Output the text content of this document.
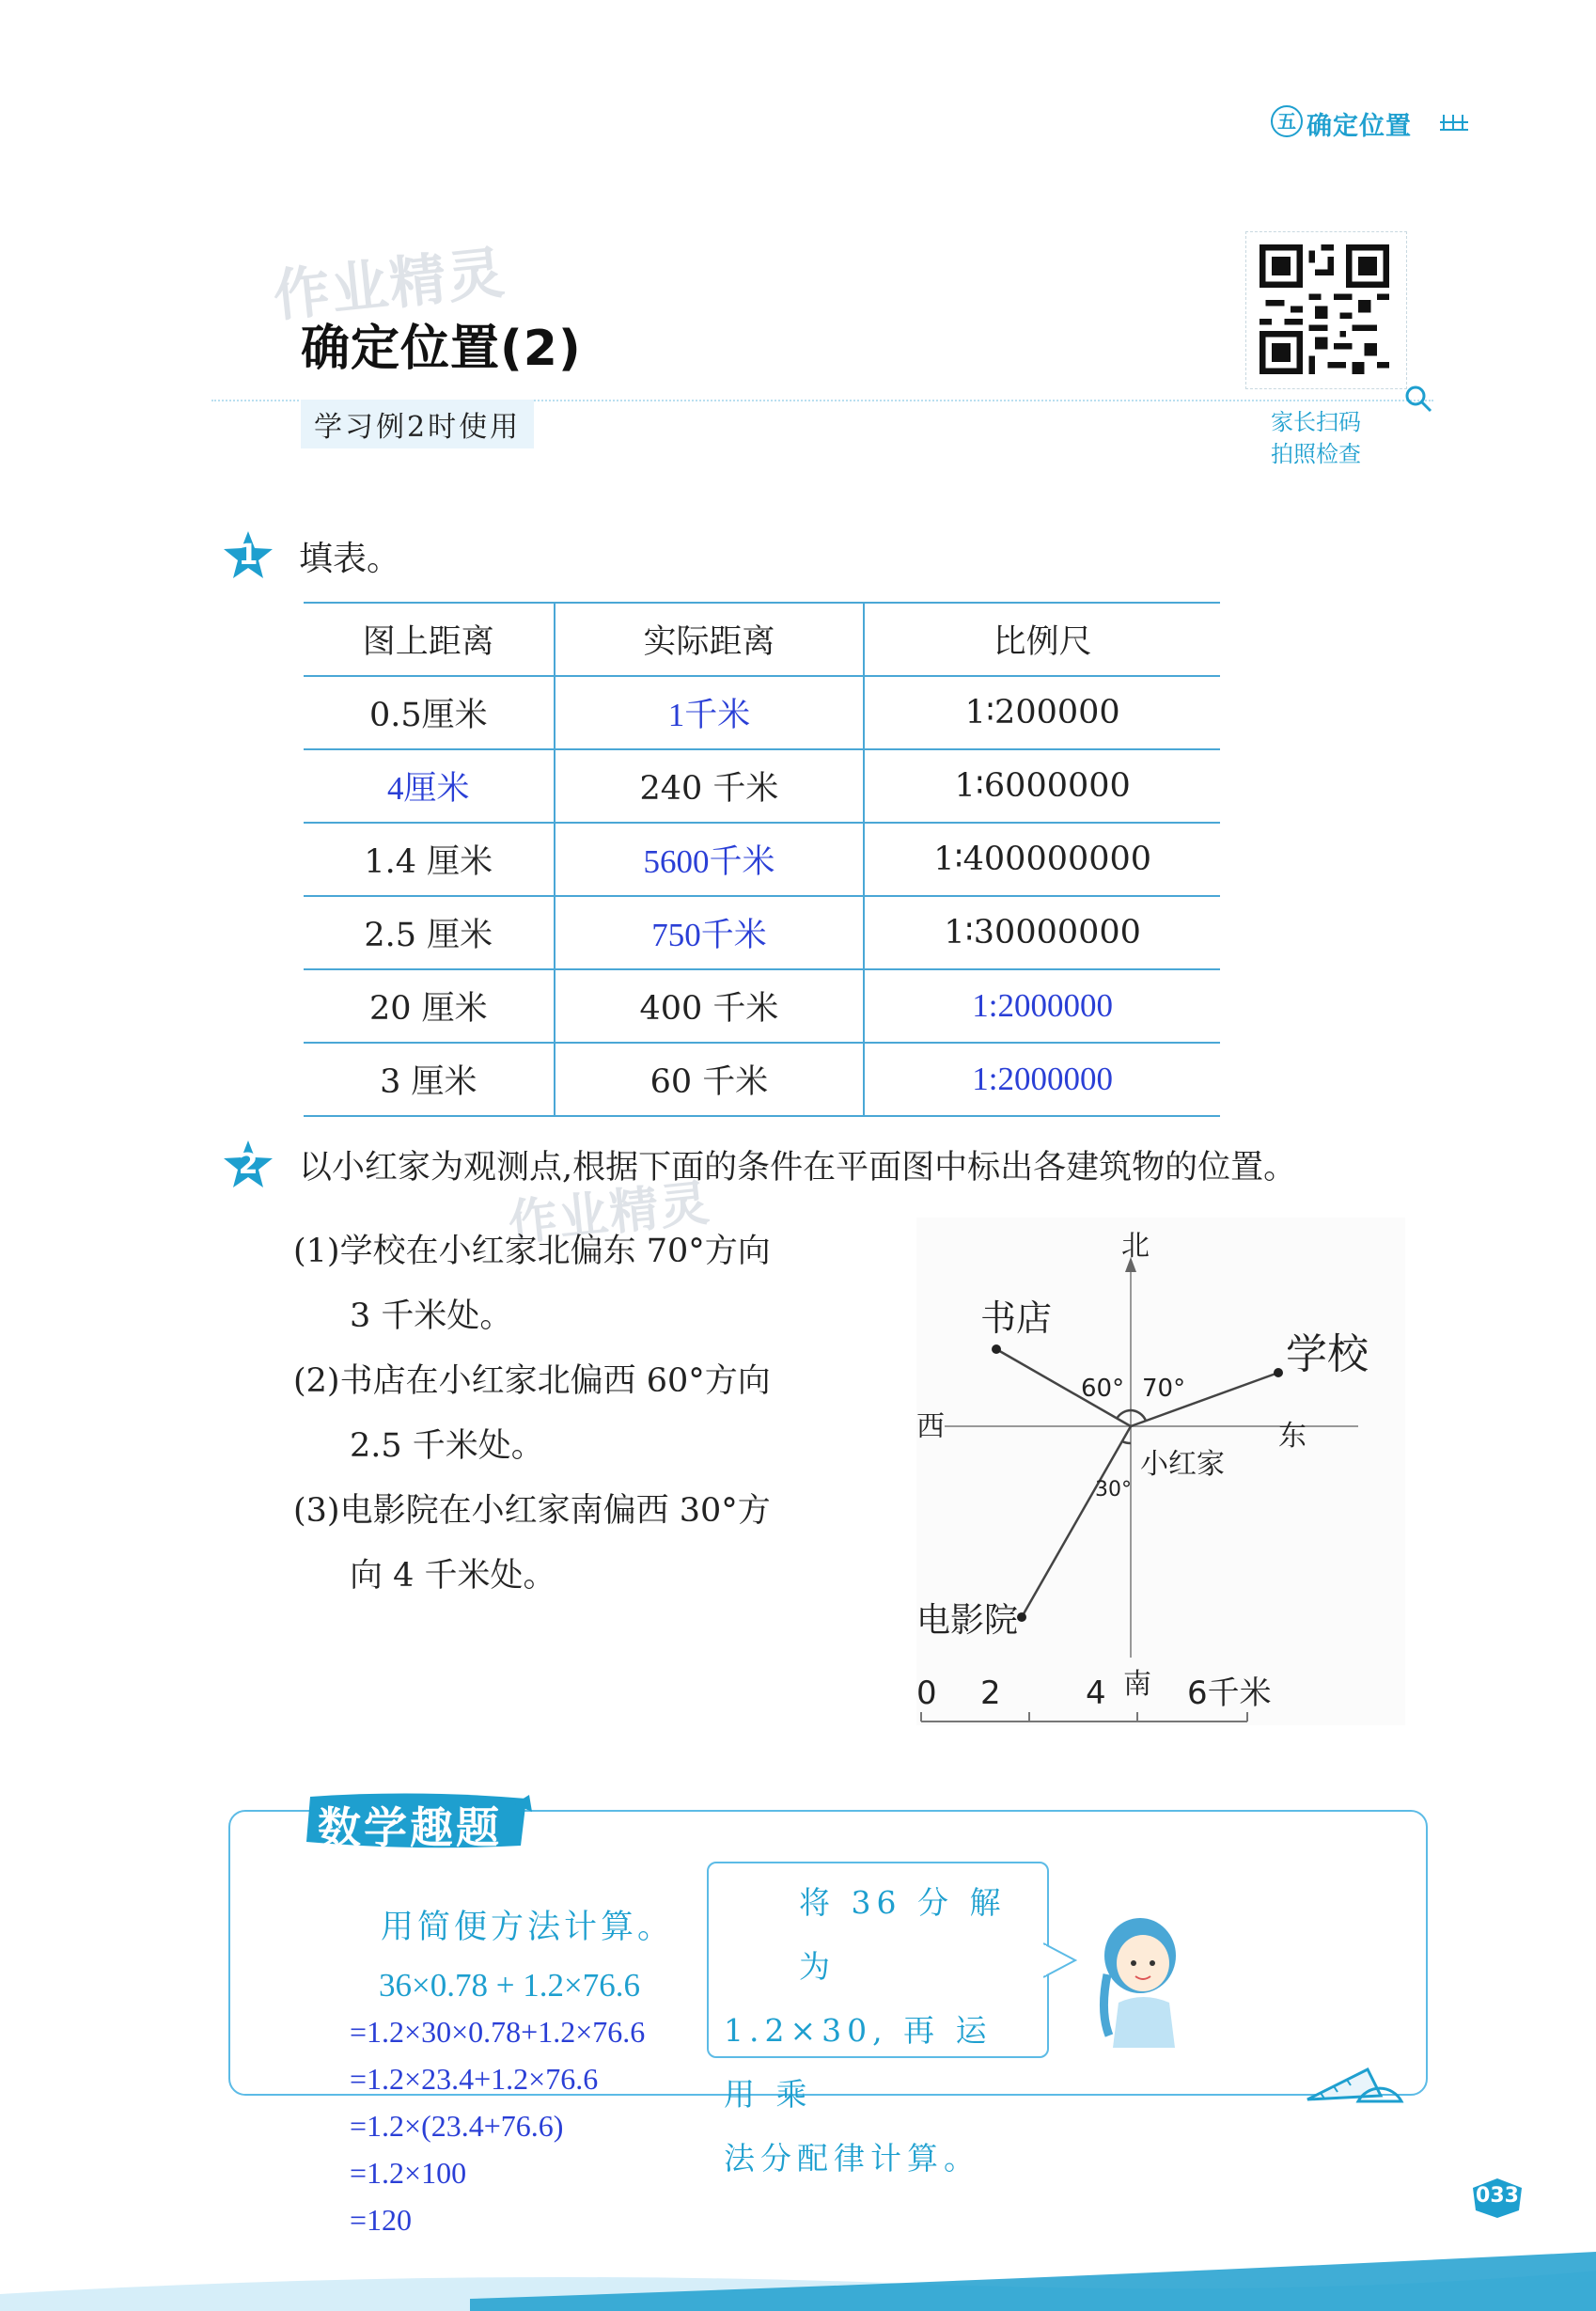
五 确定位置
作业精灵
确定位置(2)
学习例2时使用	家长扫码
拍照检查
1	填表。
图上距离	实际距离	比例尺
0.5厘米	1千米	1∶200000
4厘米	240 千米	1∶6000000
1.4 厘米	5600千米	1∶400000000
2.5 厘米	750千米	1∶30000000
20 厘米	400 千米	1:2000000
3 厘米	60 千米	1:2000000
2	以小红家为观测点,根据下面的条件在平面图中标出各建筑物的位置。
作业精灵
(1)学校在小红家北偏东 70°方向
3 千米处。
(2)书店在小红家北偏西 60°方向
2.5 千米处。
(3)电影院在小红家南偏西 30°方
向 4 千米处。
北
南
西	东
小红家
书店
学校
电影院
60° 70°
30°
0 2	4	6千米
数学趣题
用简便方法计算。
36×0.78 + 1.2×76.6
将 36 分 解 为
1.2×30, 再 运 用 乘
法分配律计算。
=1.2×30×0.78+1.2×76.6
=1.2×23.4+1.2×76.6
=1.2×(23.4+76.6)
=1.2×100
=120
033
